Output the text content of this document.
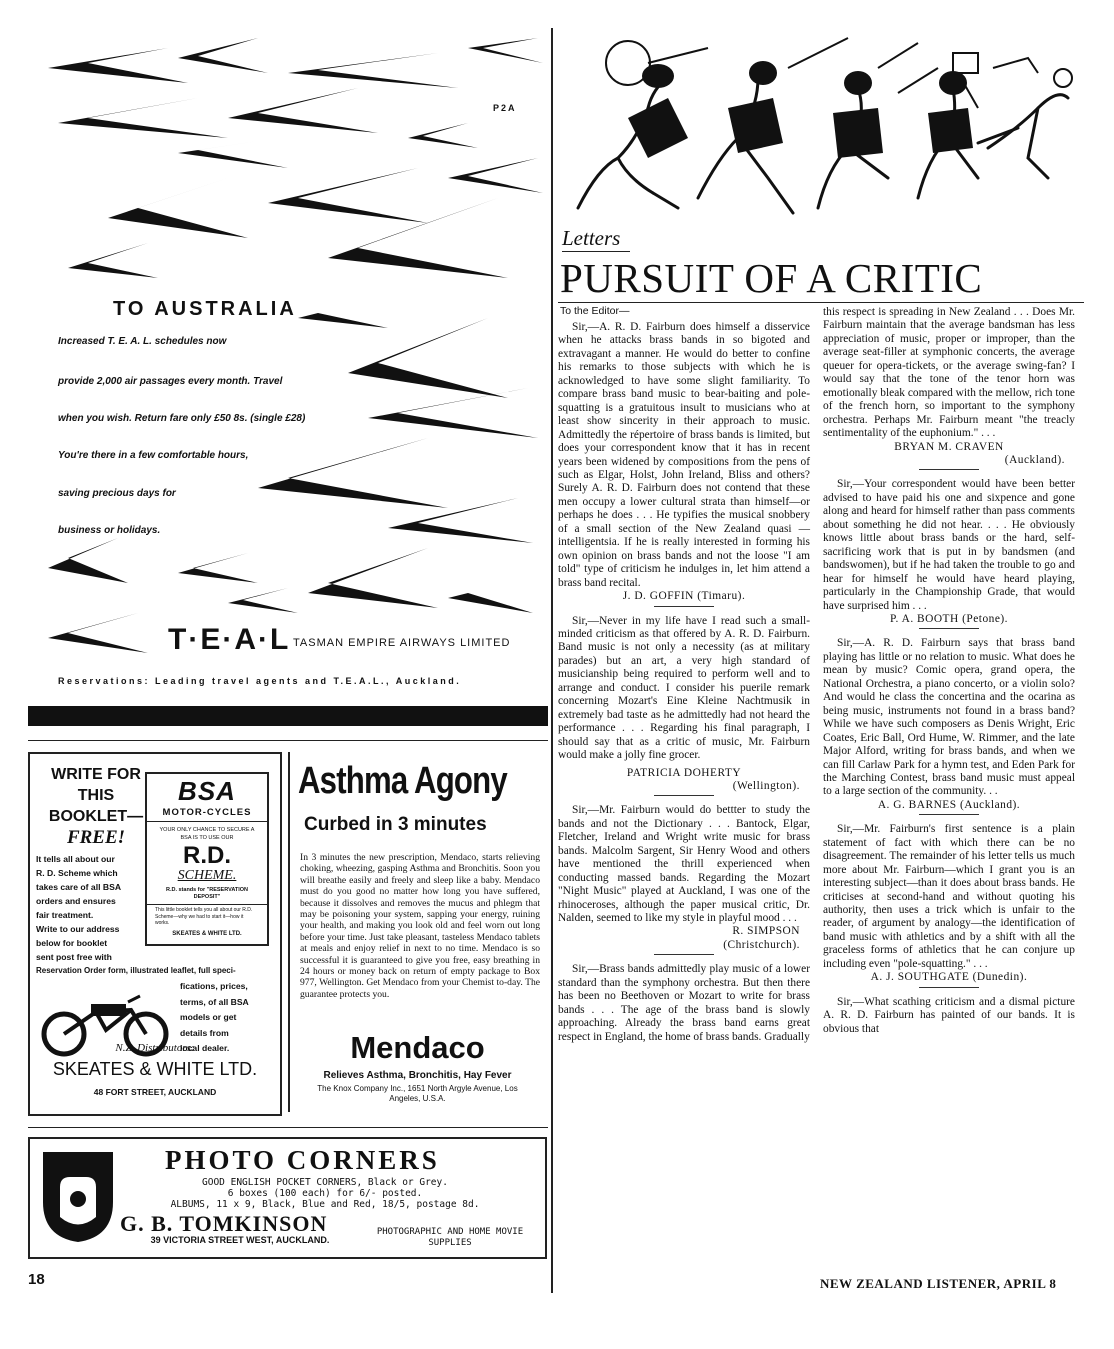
P2A
TO AUSTRALIA
Increased T. E. A. L. schedules now
provide 2,000 air passages every month. Travel
when you wish. Return fare only £50 8s. (single £28)
You're there in a few comfortable hours,
saving precious days for
business or holidays.
T·E·A·L TASMAN EMPIRE AIRWAYS LIMITED
Reservations: Leading travel agents and T.E.A.L., Auckland.
WRITE FOR
THIS
BOOKLET—
FREE!
It tells all about our
R. D. Scheme which
takes care of all BSA
orders and ensures
fair treatment.
Write to our address
below for booklet
sent post free with
Reservation Order form, illustrated leaflet, full speci-
fications, prices,
terms, of all BSA
models or get
details from
local dealer.
BSA
MOTOR-CYCLES
YOUR ONLY CHANCE TO SECURE A BSA IS TO USE OUR
R.D.
SCHEME.
R.D. stands for "RESERVATION DEPOSIT"
This little booklet tells you all about our R.D. Scheme—why we had to start it—how it works.
SKEATES & WHITE LTD.
N.Z. Distributors:
SKEATES & WHITE LTD.
48 FORT STREET, AUCKLAND
Asthma Agony
Curbed in 3 minutes
In 3 minutes the new prescription, Mendaco, starts relieving choking, wheezing, gasping Asthma and Bronchitis. Soon you will breathe easily and freely and sleep like a baby. Mendaco must do you good no matter how long you have suffered, because it dissolves and removes the mucus and phlegm that may be poisoning your system, sapping your energy, ruining your health, and making you look old and feel worn out long before your time. Just take pleasant, tasteless Mendaco tablets at meals and enjoy relief in next to no time. Mendaco is so successful it is guaranteed to give you free, easy breathing in 24 hours or money back on return of empty package to Box 977, Wellington. Get Mendaco from your Chemist to-day. The guarantee protects you.
Mendaco
Relieves Asthma, Bronchitis, Hay Fever
The Knox Company Inc., 1651 North Argyle Avenue, Los Angeles, U.S.A.
PHOTO CORNERS
GOOD ENGLISH POCKET CORNERS, Black or Grey.
6 boxes (100 each) for 6/- posted.
ALBUMS, 11 x 9, Black, Blue and Red, 18/5, postage 8d.
G. B. TOMKINSON
39 VICTORIA STREET WEST, AUCKLAND.
PHOTOGRAPHIC AND HOME MOVIE SUPPLIES
18	NEW ZEALAND LISTENER, APRIL 8
Letters
PURSUIT OF A CRITIC
To the Editor—

Sir,—A. R. D. Fairburn does himself a disservice when he attacks brass bands in so bigoted and extravagant a manner. He would do better to confine his remarks to those subjects with which he is acknowledged to have some slight familiarity. To compare brass band music to bear-baiting and pole-squatting is a gratuitous insult to musicians who at least show sincerity in their approach to music. Admittedly the répertoire of brass bands is limited, but does your correspondent know that it has in recent years been widened by compositions from the pens of such as Elgar, Holst, John Ireland, Bliss and others? Surely A. R. D. Fairburn does not contend that these men occupy a lower cultural strata than himself—or perhaps he does . . . He typifies the musical snobbery of a small section of the New Zealand quasi —intelligentsia. If he is really interested in forming his own opinion on brass bands and not the loose "I am told" type of criticism he indulges in, let him attend a brass band recital.

J. D. GOFFIN (Timaru).

Sir,—Never in my life have I read such a small-minded criticism as that offered by A. R. D. Fairburn. Band music is not only a necessity (as at military parades) but an art, a very high standard of musicianship being required to perform well and to arrange and conduct. I consider his puerile remark concerning Mozart's Eine Kleine Nachtmusik in extremely bad taste as he admittedly had not heard the performance . . . Regarding his final paragraph, I should say that as a critic of music, Mr. Fairburn would make a jolly fine grocer.

PATRICIA DOHERTY

(Wellington).

Sir,—Mr. Fairburn would do bettter to study the bands and not the Dictionary . . . Bantock, Elgar, Fletcher, Ireland and Wright write music for brass bands. Malcolm Sargent, Sir Henry Wood and others have mentioned the thrill experienced when conducting massed bands. Regarding the Mozart "Night Music" played at Auckland, I was one of the rhinoceroses, although the paper musical critic, Dr. Nalden, seemed to like my style in playful mood . . .

R. SIMPSON

(Christchurch).

Sir,—Brass bands admittedly play music of a lower standard than the symphony orchestra. But then there has been no Beethoven or Mozart to write for brass bands . . . The age of the brass band is slowly approaching. Already the brass band earns great respect in England, the home of brass bands. Gradually

this respect is spreading in New Zealand . . . Does Mr. Fairburn maintain that the average bandsman has less appreciation of music, proper or improper, than the average seat-filler at symphonic concerts, the average queuer for opera-tickets, or the average swing-fan? I would say that the tone of the tenor horn was emotionally bleak compared with the mellow, rich tone of the french horn, so important to the symphony orchestra. Perhaps Mr. Fairburn meant "the treacly sentimentality of the euphonium." . . .

BRYAN M. CRAVEN

(Auckland).

Sir,—Your correspondent would have been better advised to have paid his one and sixpence and gone along and heard for himself rather than pass comments about something he did not hear. . . . He obviously knows little about brass bands or the hard, self-sacrificing work that is put in by bandsmen (and bandswomen), but if he had taken the trouble to go and hear for himself he would have heard playing, particularly in the Championship Grade, that would have surprised him . . .

P. A. BOOTH (Petone).

Sir,—A. R. D. Fairburn says that brass band playing has little or no relation to music. What does he mean by music? Comic opera, grand opera, the National Orchestra, a piano concerto, or a violin solo? And would he class the concertina and the ocarina as being music, instruments not found in a brass band? While we have such composers as Denis Wright, Eric Coates, Eric Ball, Ord Hume, W. Rimmer, and the late Major Alford, writing for brass bands, and when we can fill Carlaw Park for a hymn test, and Eden Park for the Marching Contest, brass band music must appeal to a large section of the community. . .

A. G. BARNES (Auckland).

Sir,—Mr. Fairburn's first sentence is a plain statement of fact with which there can be no disagreement. The remainder of his letter tells us much more about Mr. Fairburn—which I grant you is an interesting subject—than it does about brass bands. He criticises at second-hand and without quoting his authority, then uses a trick which is unfair to the reader, of argument by analogy—the identification of band music with athletics and by a shift with all the graceless forms of athletics that he can conjure up including even "pole-squatting." . . .

A. J. SOUTHGATE (Dunedin).

Sir,—What scathing criticism and a dismal picture A. R. D. Fairburn has painted of our bands. It is obvious that
